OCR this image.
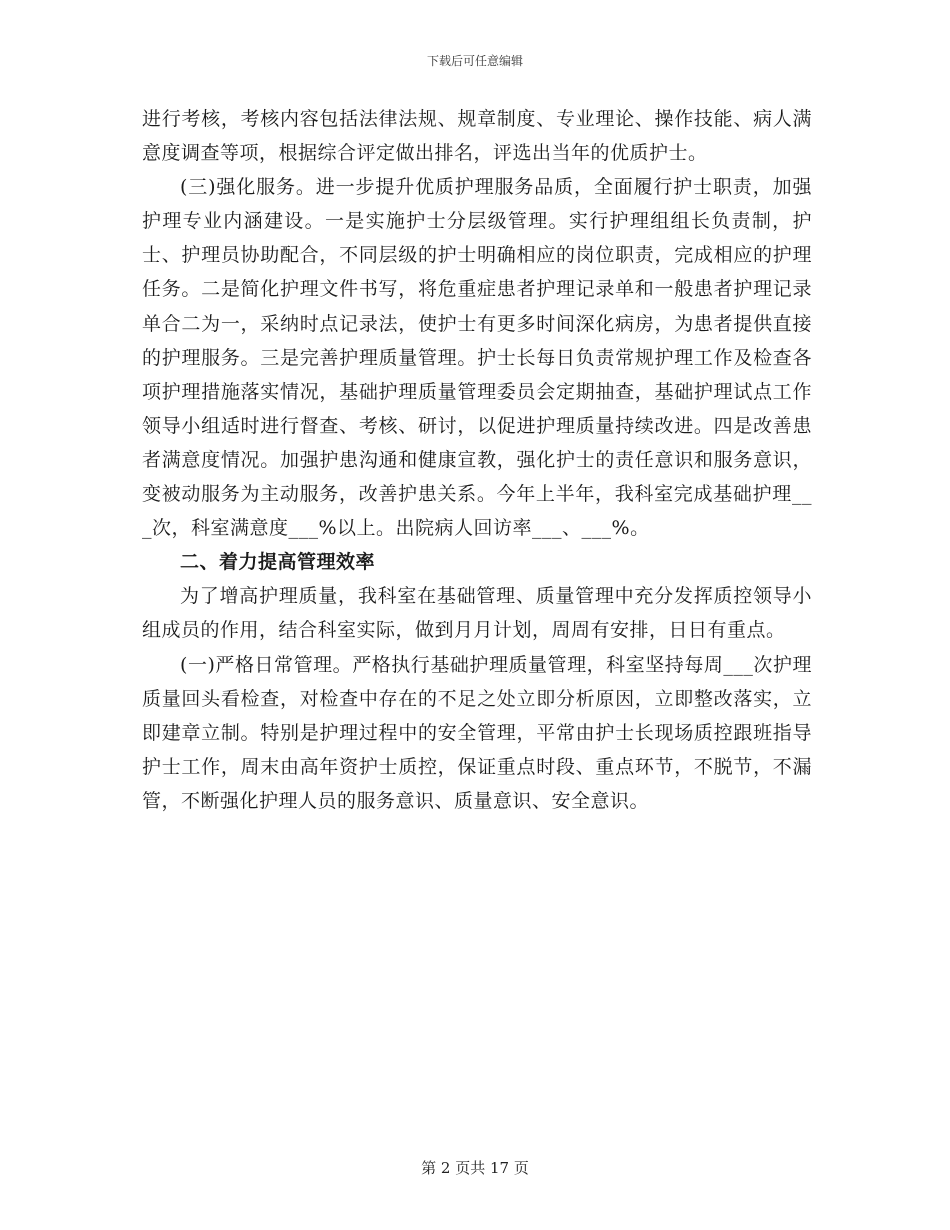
下载后可任意编辑

进行考核，考核内容包括法律法规、规章制度、专业理论、操作技能、病人满意度调查等项，根据综合评定做出排名，评选出当年的优质护士。

(三)强化服务。进一步提升优质护理服务品质，全面履行护士职责，加强护理专业内涵建设。一是实施护士分层级管理。实行护理组组长负责制，护士、护理员协助配合，不同层级的护士明确相应的岗位职责，完成相应的护理任务。二是简化护理文件书写，将危重症患者护理记录单和一般患者护理记录单合二为一，采纳时点记录法，使护士有更多时间深化病房，为患者提供直接的护理服务。三是完善护理质量管理。护士长每日负责常规护理工作及检查各项护理措施落实情况，基础护理质量管理委员会定期抽查，基础护理试点工作领导小组适时进行督查、考核、研讨，以促进护理质量持续改进。四是改善患者满意度情况。加强护患沟通和健康宣教，强化护士的责任意识和服务意识，变被动服务为主动服务，改善护患关系。今年上半年，我科室完成基础护理___次，科室满意度___%以上。出院病人回访率___、___%。

二、着力提高管理效率

为了增高护理质量，我科室在基础管理、质量管理中充分发挥质控领导小组成员的作用，结合科室实际，做到月月计划，周周有安排，日日有重点。

(一)严格日常管理。严格执行基础护理质量管理，科室坚持每周___次护理质量回头看检查，对检查中存在的不足之处立即分析原因，立即整改落实，立即建章立制。特别是护理过程中的安全管理，平常由护士长现场质控跟班指导护士工作，周末由高年资护士质控，保证重点时段、重点环节，不脱节，不漏管，不断强化护理人员的服务意识、质量意识、安全意识。

第 2 页共 17 页
